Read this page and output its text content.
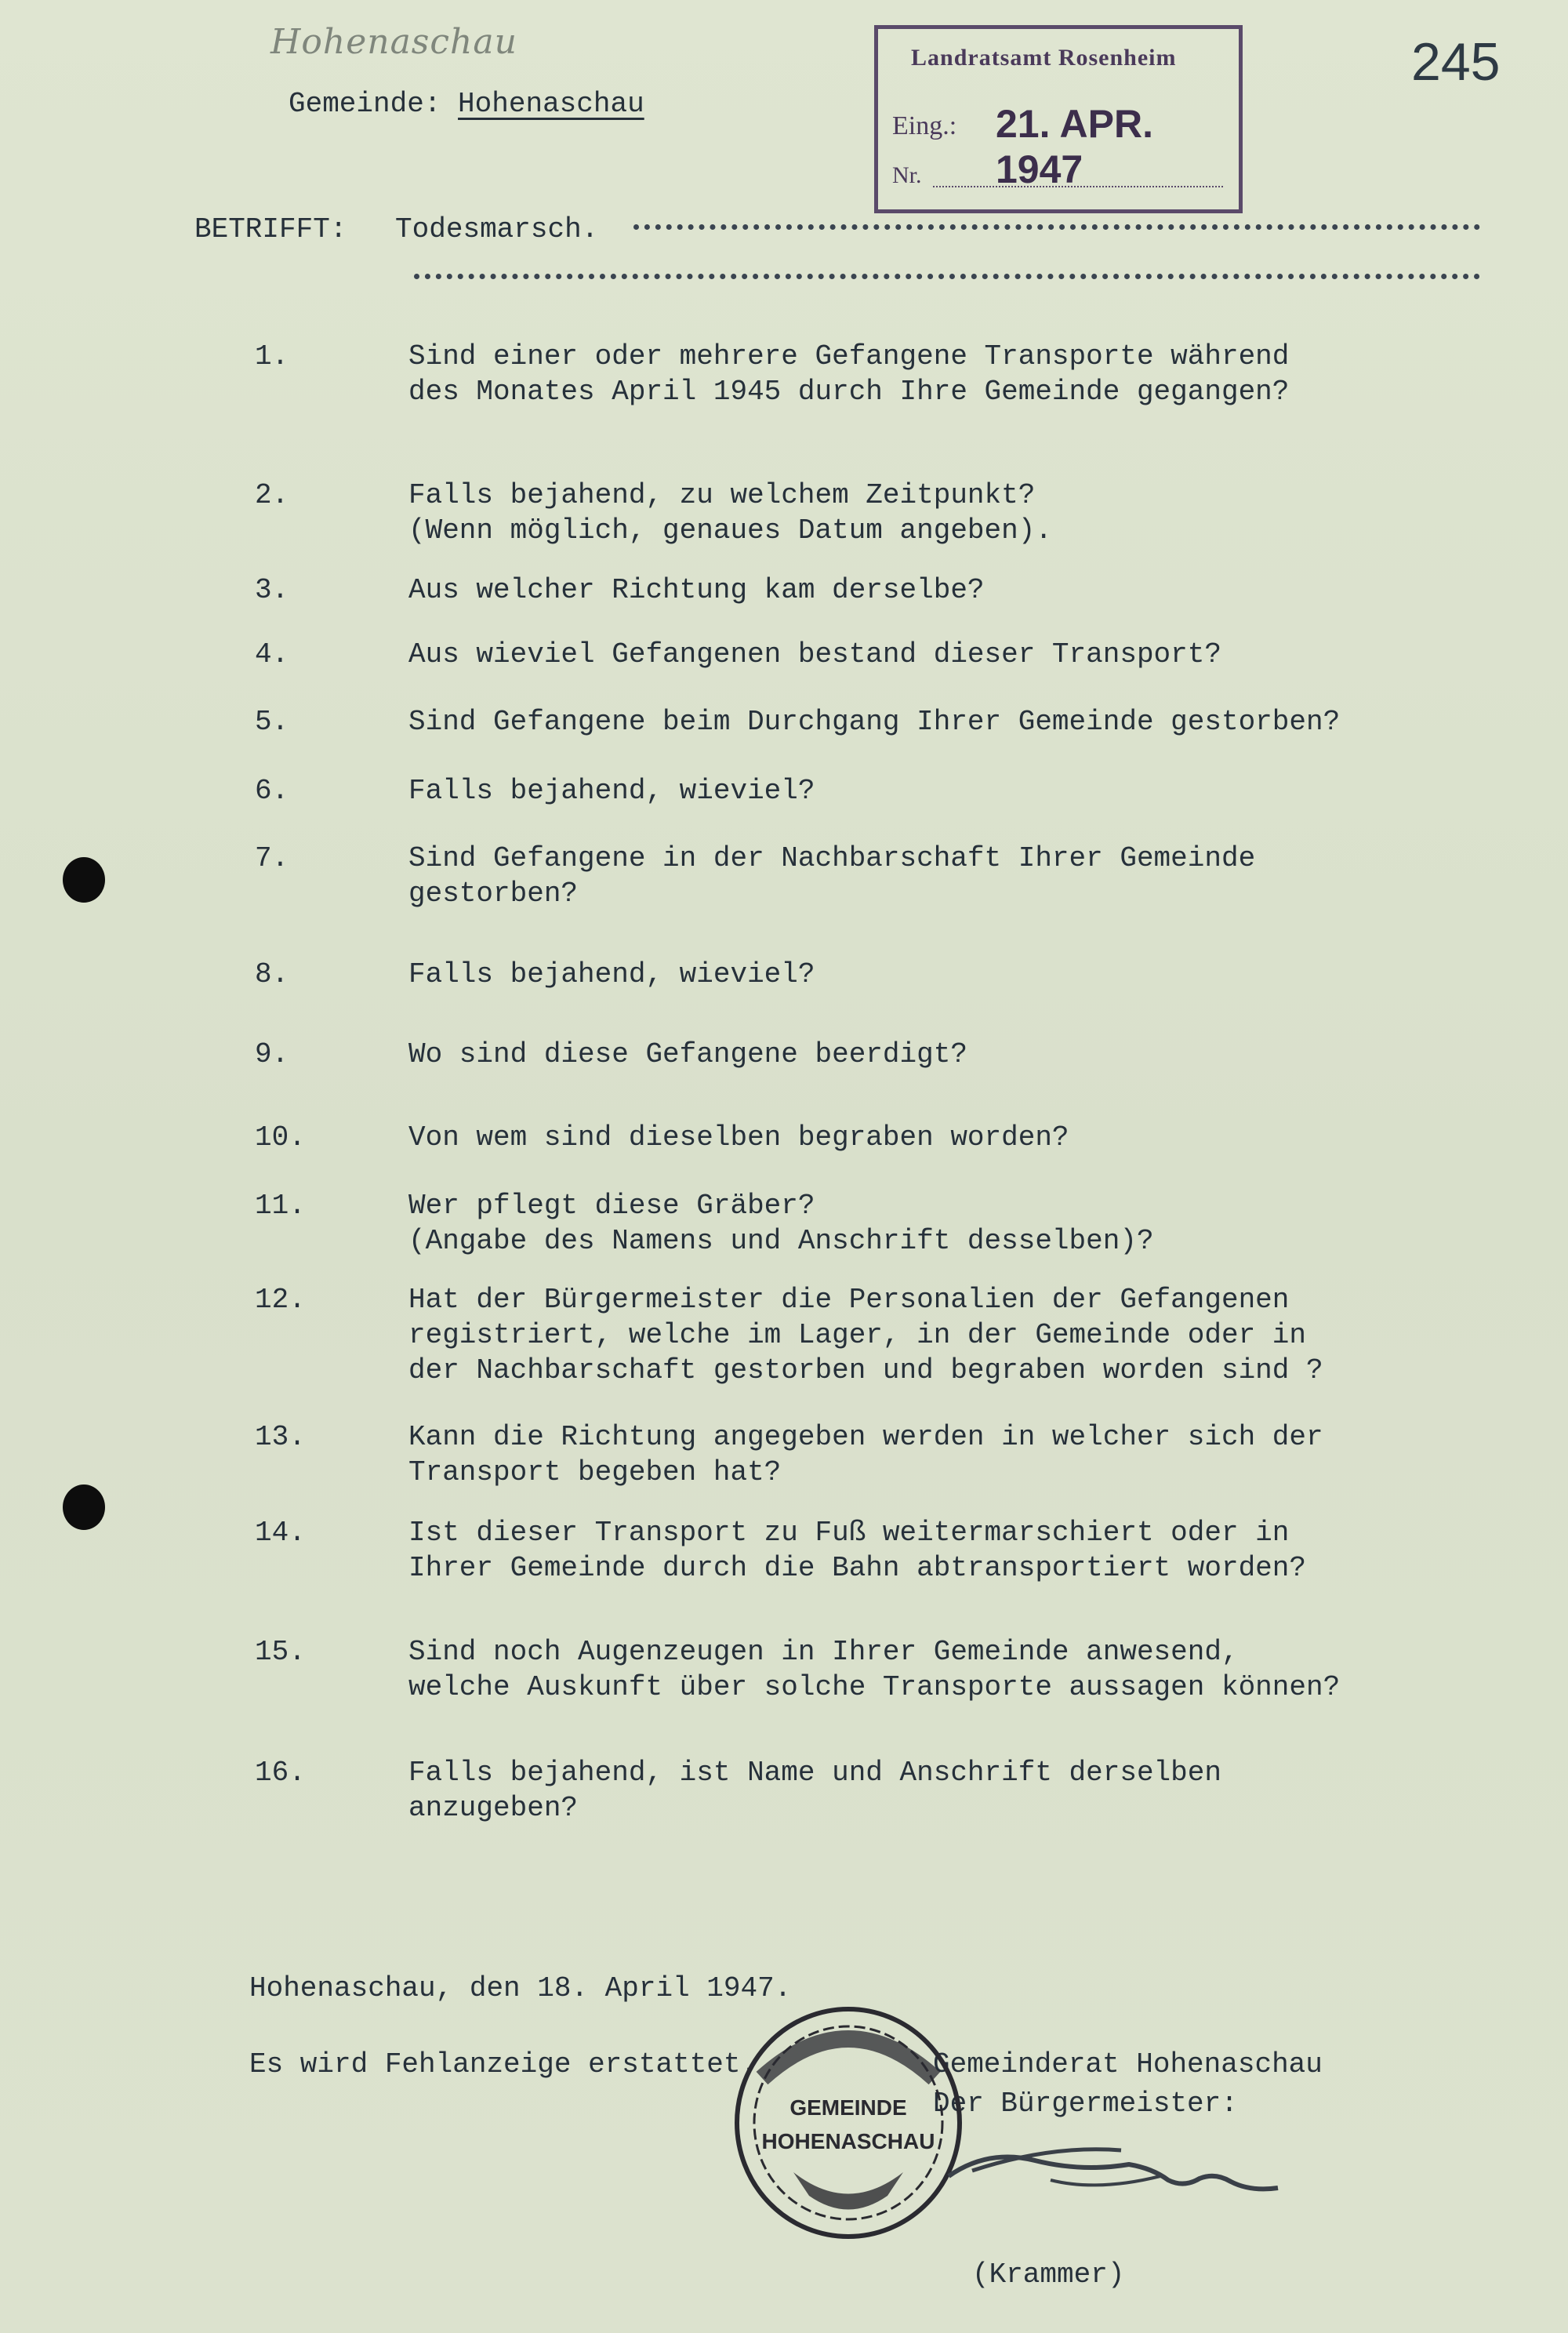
Hohenaschau	245
Gemeinde: Hohenaschau
Landratsamt Rosenheim
Eing.: 21. APR. 1947
Nr.
BETRIFFT: Todesmarsch.
1.	Sind einer oder mehrere Gefangene Transporte während
des Monates April 1945 durch Ihre Gemeinde gegangen?
2.	Falls bejahend, zu welchem Zeitpunkt?
(Wenn möglich, genaues Datum angeben).
3.	Aus welcher Richtung kam derselbe?
4.	Aus wieviel Gefangenen bestand dieser Transport?
5.	Sind Gefangene beim Durchgang Ihrer Gemeinde gestorben?
6.	Falls bejahend, wieviel?
7.	Sind Gefangene in der Nachbarschaft Ihrer Gemeinde
gestorben?
8.	Falls bejahend, wieviel?
9.	Wo sind diese Gefangene beerdigt?
10.	Von wem sind dieselben begraben worden?
11.	Wer pflegt diese Gräber?
(Angabe des Namens und Anschrift desselben)?
12.	Hat der Bürgermeister die Personalien der Gefangenen
registriert, welche im Lager, in der Gemeinde oder in
der Nachbarschaft gestorben und begraben worden sind ?
13.	Kann die Richtung angegeben werden in welcher sich der
Transport begeben hat?
14.	Ist dieser Transport zu Fuß weitermarschiert oder in
Ihrer Gemeinde durch die Bahn abtransportiert worden?
15.	Sind noch Augenzeugen in Ihrer Gemeinde anwesend,
welche Auskunft über solche Transporte aussagen können?
16.	Falls bejahend, ist Name und Anschrift derselben
anzugeben?
Hohenaschau, den 18. April 1947.
Es wird Fehlanzeige erstattet.	Gemeinderat Hohenaschau
Der Bürgermeister:
GEMEINDE
HOHENASCHAU
(Krammer)
